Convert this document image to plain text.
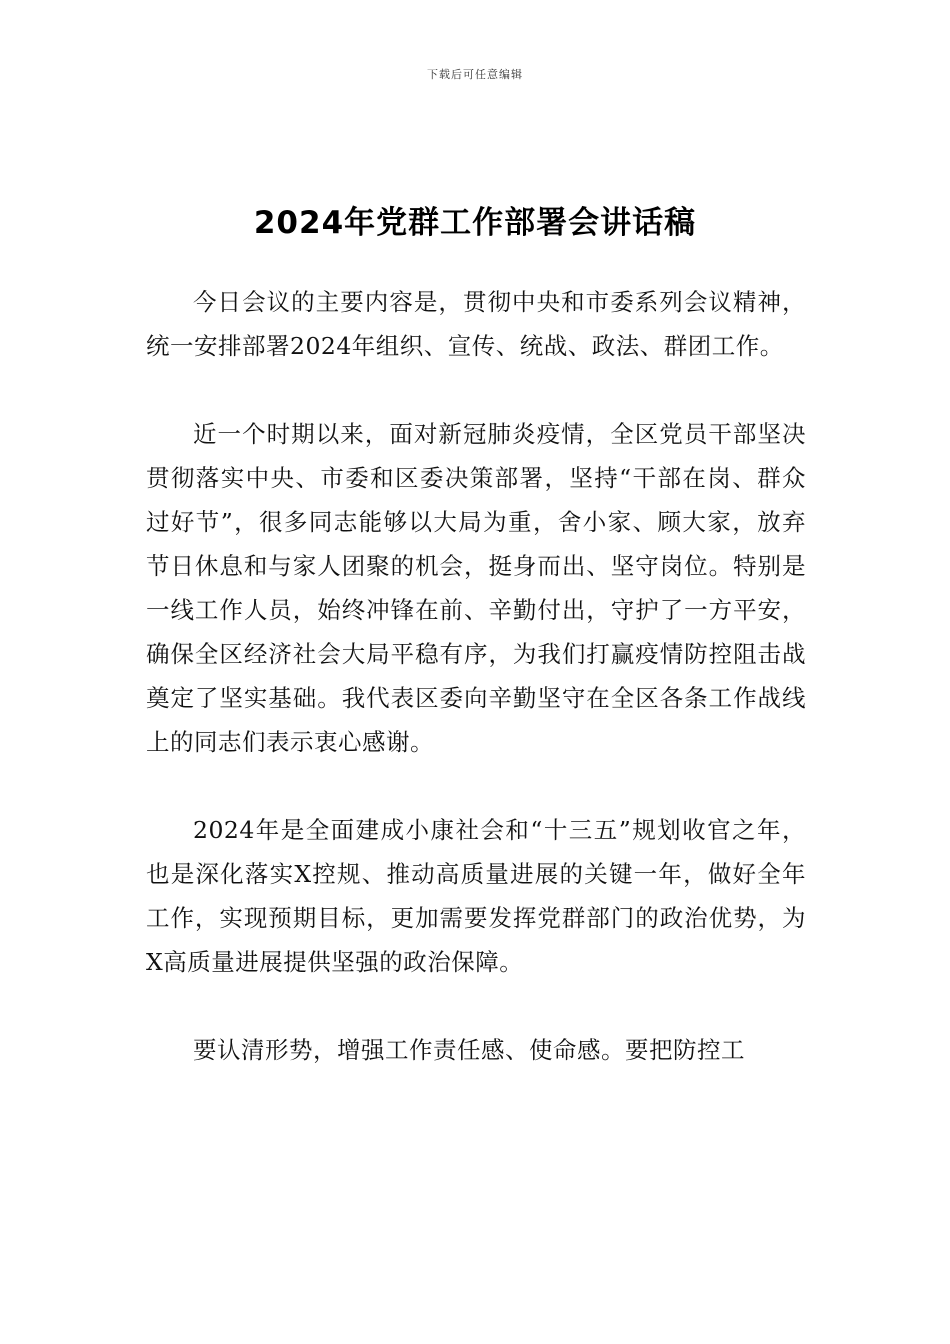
下载后可任意编辑
2024年党群工作部署会讲话稿

今日会议的主要内容是，贯彻中央和市委系列会议精神，统一安排部署2024年组织、宣传、统战、政法、群团工作。

近一个时期以来，面对新冠肺炎疫情，全区党员干部坚决贯彻落实中央、市委和区委决策部署，坚持“干部在岗、群众过好节”，很多同志能够以大局为重，舍小家、顾大家，放弃节日休息和与家人团聚的机会，挺身而出、坚守岗位。特别是一线工作人员，始终冲锋在前、辛勤付出，守护了一方平安，确保全区经济社会大局平稳有序，为我们打赢疫情防控阻击战奠定了坚实基础。我代表区委向辛勤坚守在全区各条工作战线上的同志们表示衷心感谢。

2024年是全面建成小康社会和“十三五”规划收官之年，也是深化落实X控规、推动高质量进展的关键一年，做好全年工作，实现预期目标，更加需要发挥党群部门的政治优势，为X高质量进展提供坚强的政治保障。

要认清形势，增强工作责任感、使命感。要把防控工
